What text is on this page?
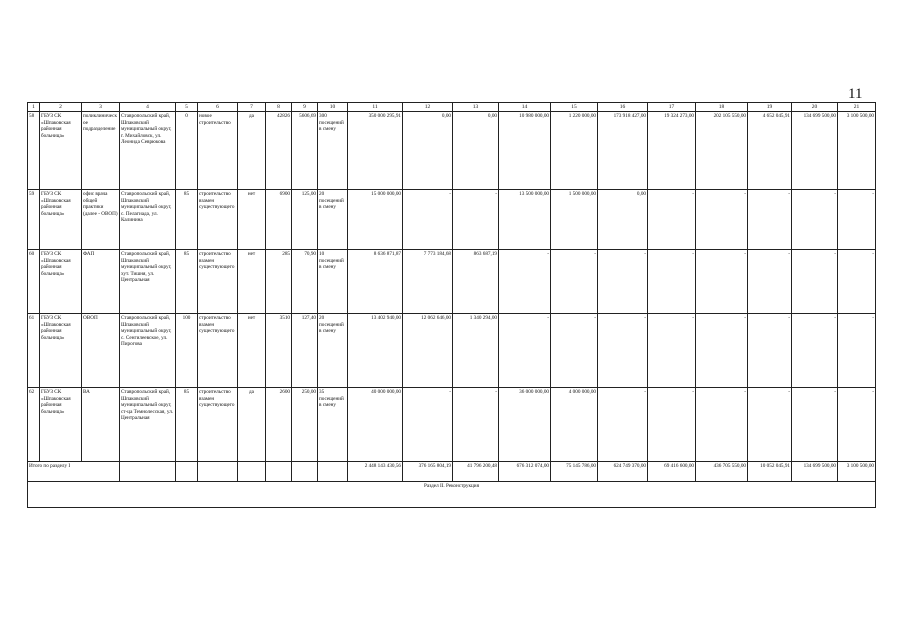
11
1	2	3	4	5	6	7	8	9	10	11	12	13	14	15	16	17	18	19	20	21
58	ГБУЗ СК «Шпаковская районная больница»	поликлиническое подразделение	Ставропольский край, Шпаковский муниципальный округ, г. Михайловск, ул. Леонида Севрюкова	0	новое строительство	да	42826	5606,69	300 посещений в смену	350 000 295,91	0,00	0,00	10 980 000,00	1 220 000,00	173 918 427,00	19 324 273,00	202 105 550,00	4 652 045,91	134 699 500,00	3 100 500,00
59	ГБУЗ СК «Шпаковская районная больница»	офис врача общей практики (далее - ОВОП)	Ставропольский край, Шпаковский муниципальный округ, с. Пелагиада, ул. Калинина	85	строительство взамен существующего	нет	6900	125,00	20 посещений в смену	15 000 000,00	-	-	13 500 000,00	1 500 000,00	0,00	-	-	-	-	-
60	ГБУЗ СК «Шпаковская районная больница»	ФАП	Ставропольский край, Шпаковский муниципальный округ, хут. Тишня, ул. Центральная	85	строительство взамен существующего	нет	285	70,90	10 посещений в смену	8 636 871,87	7 773 184,68	863 687,19	-	-	-	-	-	-	-	-
61	ГБУЗ СК «Шпаковская районная больница»	ОВОП	Ставропольский край, Шпаковский муниципальный округ, с. Сенгилеевское, ул. Пирогова	100	строительство взамен существующего	нет	3510	127,40	20 посещений в смену	13 402 940,00	12 062 646,00	1 340 294,00	-	-	-	-	-	-	-	-
62	ГБУЗ СК «Шпаковская районная больница»	ВА	Ставропольский край, Шпаковский муниципальный округ, ст-ца Темнолесская, ул. Центральная	85	строительство взамен существующего	да	2600	250,00	35 посещений в смену	40 000 000,00	-	-	36 000 000,00	4 000 000,00	-	-	-	-	-	-
Итого по разделу I										2 448 143 430,56	376 165 804,19	41 796 200,48	676 312 074,00	75 145 786,00	624 749 370,00	69 416 600,00	436 705 550,00	10 052 045,91	134 699 500,00	3 100 500,00
Раздел II. Реконструкция																				
